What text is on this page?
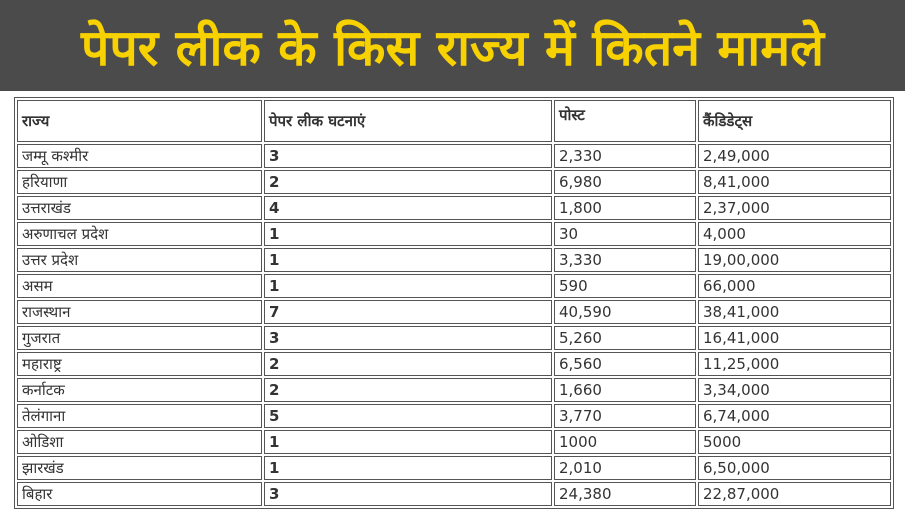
पेपर लीक के किस राज्य में कितने मामले
राज्य	पेपर लीक घटनाएं	पोस्ट	कैंडिडेट्स
जम्मू कश्मीर	3	2,330	2,49,000
हरियाणा	2	6,980	8,41,000
उत्तराखंड	4	1,800	2,37,000
अरुणाचल प्रदेश	1	30	4,000
उत्तर प्रदेश	1	3,330	19,00,000
असम	1	590	66,000
राजस्थान	7	40,590	38,41,000
गुजरात	3	5,260	16,41,000
महाराष्ट्र	2	6,560	11,25,000
कर्नाटक	2	1,660	3,34,000
तेलंगाना	5	3,770	6,74,000
ओडिशा	1	1000	5000
झारखंड	1	2,010	6,50,000
बिहार	3	24,380	22,87,000
